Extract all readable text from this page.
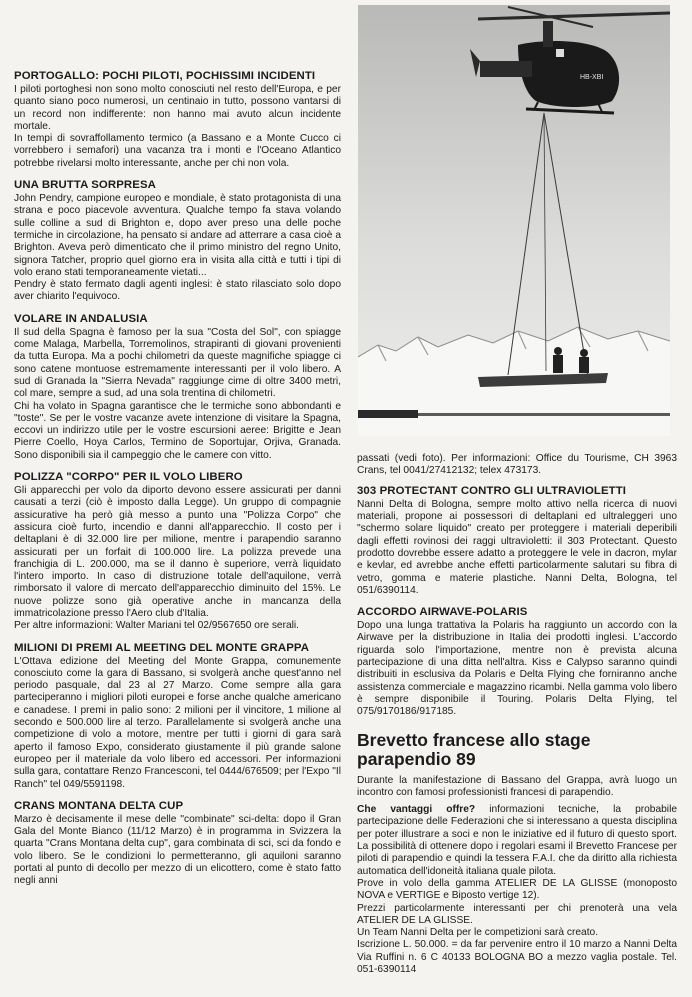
PORTOGALLO: POCHI PILOTI, POCHISSIMI INCIDENTI

I piloti portoghesi non sono molto conosciuti nel resto dell'Europa, e per quanto siano poco numerosi, un centinaio in tutto, possono vantarsi di un record non indifferente: non hanno mai avuto alcun incidente mortale.

In tempi di sovraffollamento termico (a Bassano e a Monte Cucco ci vorrebbero i semafori) una vacanza tra i monti e l'Oceano Atlantico potrebbe rivelarsi molto interessante, anche per chi non vola.

UNA BRUTTA SORPRESA

John Pendry, campione europeo e mondiale, è stato protagonista di una strana e poco piacevole avventura. Qualche tempo fa stava volando sulle colline a sud di Brighton e, dopo aver preso una delle poche termiche in circolazione, ha pensato si andare ad atterrare a casa cioè a Brighton. Aveva però dimenticato che il primo ministro del regno Unito, signora Tatcher, proprio quel giorno era in visita alla città e tutti i tipi di volo erano stati temporaneamente vietati...

Pendry è stato fermato dagli agenti inglesi: è stato rilasciato solo dopo aver chiarito l'equivoco.

VOLARE IN ANDALUSIA

Il sud della Spagna è famoso per la sua "Costa del Sol", con spiagge come Malaga, Marbella, Torremolinos, strapiranti di giovani provenienti da tutta Europa. Ma a pochi chilometri da queste magnifiche spiagge ci sono catene montuose estremamente interessanti per il volo libero. A sud di Granada la "Sierra Nevada" raggiunge cime di oltre 3400 metri, col mare, sempre a sud, ad una sola trentina di chilometri.

Chi ha volato in Spagna garantisce che le termiche sono abbondanti e "toste". Se per le vostre vacanze avete intenzione di visitare la Spagna, eccovi un indirizzo utile per le vostre escursioni aeree: Brigitte e Jean Pierre Coello, Hoya Carlos, Termino de Soportujar, Orjiva, Granada. Sono disponibili sia il campeggio che le camere con vitto.

POLIZZA "CORPO" PER IL VOLO LIBERO

Gli apparecchi per volo da diporto devono essere assicurati per danni causati a terzi (ciò è imposto dalla Legge). Un gruppo di compagnie assicurative ha però già messo a punto una "Polizza Corpo" che assicura cioè furto, incendio e danni all'apparecchio. Il costo per i deltaplani è di 32.000 lire per milione, mentre i parapendio saranno assicurati per un forfait di 100.000 lire. La polizza prevede una franchigia di L. 200.000, ma se il danno è superiore, verrà liquidato l'intero importo. In caso di distruzione totale dell'aquilone, verrà rimborsato il valore di mercato dell'apparecchio diminuito del 15%. Le nuove polizze sono già operative anche in mancanza della immatricolazione presso l'Aero club d'Italia.

Per altre informazioni: Walter Mariani tel 02/9567650 ore serali.

MILIONI DI PREMI AL MEETING DEL MONTE GRAPPA

L'Ottava edizione del Meeting del Monte Grappa, comunemente conosciuto come la gara di Bassano, si svolgerà anche quest'anno nel periodo pasquale, dal 23 al 27 Marzo. Come sempre alla gara parteciperanno i migliori piloti europei e forse anche qualche americano e canadese. I premi in palio sono: 2 milioni per il vincitore, 1 milione al secondo e 500.000 lire al terzo. Parallelamente si svolgerà anche una competizione di volo a motore, mentre per tutti i giorni di gara sarà aperto il famoso Expo, considerato giustamente il più grande salone europeo per il materiale da volo libero ed accessori. Per informazioni sulla gara, contattare Renzo Francesconi, tel 0444/676509; per l'Expo "Il Ranch" tel 049/5591198.

CRANS MONTANA DELTA CUP

Marzo è decisamente il mese delle "combinate" sci-delta: dopo il Gran Gala del Monte Bianco (11/12 Marzo) è in programma in Svizzera la quarta "Crans Montana delta cup", gara combinata di sci, sci da fondo e volo libero. Se le condizioni lo permetteranno, gli aquiloni saranno portati al punto di decollo per mezzo di un elicottero, come è stato fatto negli anni

HB-XBI

passati (vedi foto). Per informazioni: Office du Tourisme, CH 3963 Crans, tel 0041/27412132; telex 473173.

303 PROTECTANT CONTRO GLI ULTRAVIOLETTI

Nanni Delta di Bologna, sempre molto attivo nella ricerca di nuovi materiali, propone ai possessori di deltaplani ed ultraleggeri uno "schermo solare liquido" creato per proteggere i materiali deperibili dagli effetti rovinosi dei raggi ultravioletti: il 303 Protectant. Questo prodotto dovrebbe essere adatto a proteggere le vele in dacron, mylar e kevlar, ed avrebbe anche effetti particolarmente salutari su fibra di vetro, gomma e materie plastiche. Nanni Delta, Bologna, tel 051/6390114.

ACCORDO AIRWAVE-POLARIS

Dopo una lunga trattativa la Polaris ha raggiunto un accordo con la Airwave per la distribuzione in Italia dei prodotti inglesi. L'accordo riguarda solo l'importazione, mentre non è prevista alcuna partecipazione di una ditta nell'altra. Kiss e Calypso saranno quindi distribuiti in esclusiva da Polaris e Delta Flying che forniranno anche assistenza commerciale e magazzino ricambi. Nella gamma volo libero è sempre disponibile il Touring. Polaris Delta Flying, tel 075/9170186/917185.

Brevetto francese allo stage parapendio 89

Durante la manifestazione di Bassano del Grappa, avrà luogo un incontro con famosi professionisti francesi di parapendio.

Che vantaggi offre? informazioni tecniche, la probabile partecipazione delle Federazioni che si interessano a questa disciplina per poter illustrare a soci e non le iniziative ed il futuro di questo sport. La possibilità di ottenere dopo i regolari esami il Brevetto Francese per piloti di parapendio e quindi la tessera F.A.I. che da diritto alla richiesta automatica dell'idoneità italiana quale pilota.

Prove in volo della gamma ATELIER DE LA GLISSE (monoposto NOVA e VERTIGE e Biposto vertige 12).

Prezzi particolarmente interessanti per chi prenoterà una vela ATELIER DE LA GLISSE.

Un Team Nanni Delta per le competizioni sarà creato.

Iscrizione L. 50.000. = da far pervenire entro il 10 marzo a Nanni Delta Via Ruffini n. 6 C 40133 BOLOGNA BO a mezzo vaglia postale. Tel. 051-6390114
